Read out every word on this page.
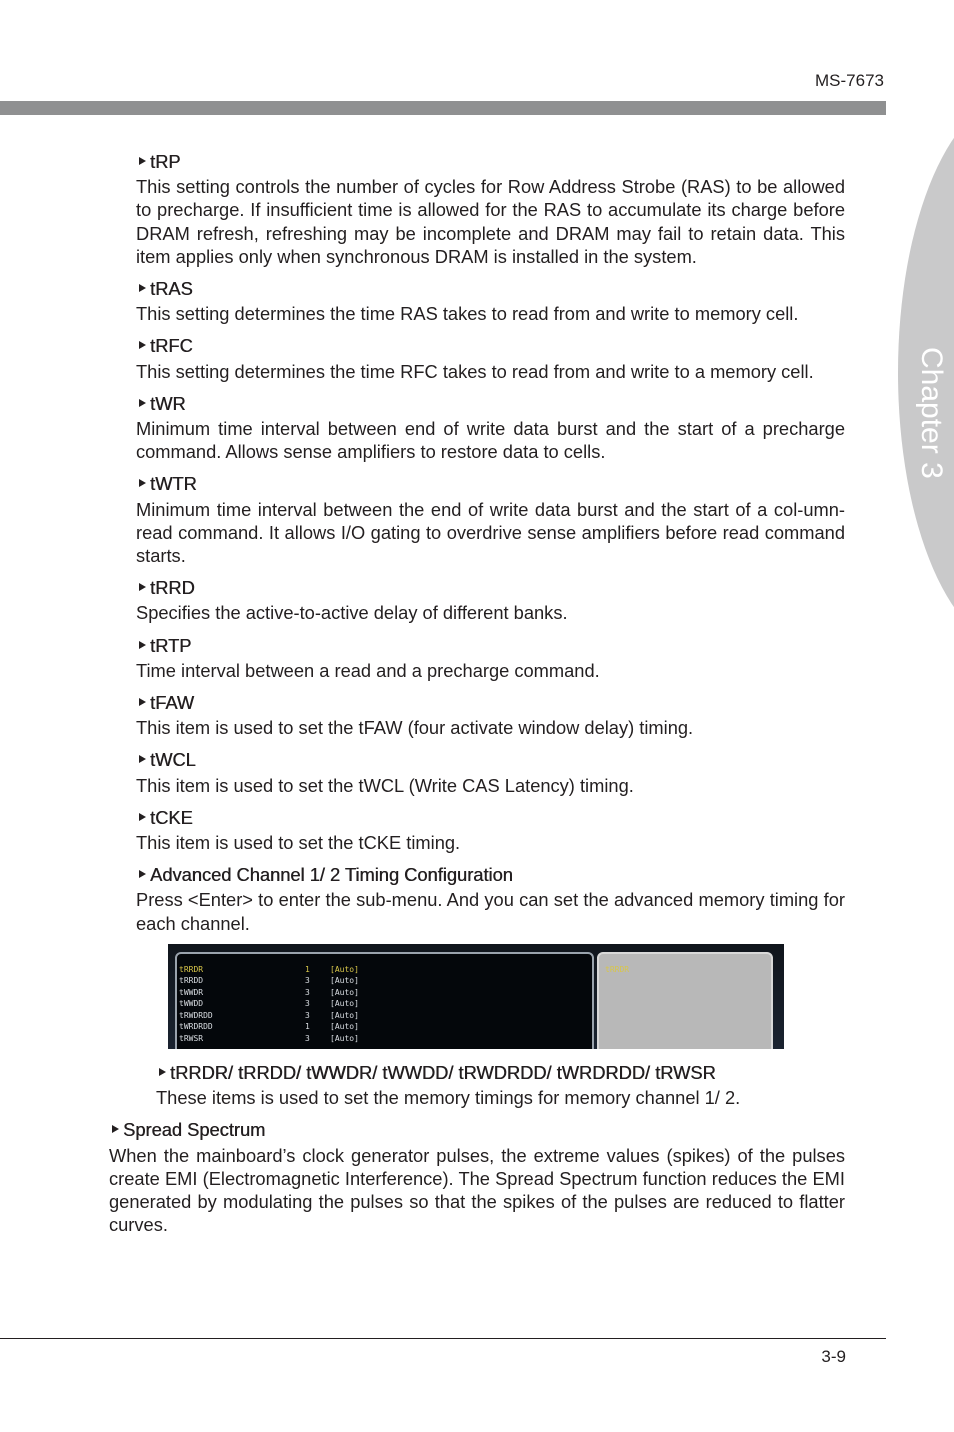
MS-7673
Chapter 3
tRP
This setting controls the number of cycles for Row Address Strobe (RAS) to be allowed to precharge. If insufficient time is allowed for the RAS to accumulate its charge before DRAM refresh, refreshing may be incomplete and DRAM may fail to retain data. This item applies only when synchronous DRAM is installed in the system.
tRAS
This setting determines the time RAS takes to read from and write to memory cell.
tRFC
This setting determines the time RFC takes to read from and write to a memory cell.
tWR
Minimum time interval between end of write data burst and the start of a precharge command. Allows sense amplifiers to restore data to cells.
tWTR
Minimum time interval between the end of write data burst and the start of a col-umn-read command. It allows I/O gating to overdrive sense amplifiers before read command starts.
tRRD
Specifies the active-to-active delay of different banks.
tRTP
Time interval between a read and a precharge command.
tFAW
This item is used to set the tFAW (four activate window delay) timing.
tWCL
This item is used to set the tWCL (Write CAS Latency) timing.
tCKE
This item is used to set the tCKE timing.
Advanced Channel 1/ 2 Timing Configuration
Press <Enter> to enter the sub-menu. And you can set the advanced memory timing for each channel.
tRRDR	1	[Auto]
tRRDD	3	[Auto]
tWWDR	3	[Auto]
tWWDD	3	[Auto]
tRWDRDD	3	[Auto]
tWRDRDD	1	[Auto]
tRWSR	3	[Auto]
tRRDR
tRRDR/ tRRDD/ tWWDR/ tWWDD/ tRWDRDD/ tWRDRDD/ tRWSR
These items is used to set the memory timings for memory channel 1/ 2.
Spread Spectrum
When the mainboard’s clock generator pulses, the extreme values (spikes) of the pulses create EMI (Electromagnetic Interference). The Spread Spectrum function reduces the EMI generated by modulating the pulses so that the spikes of the pulses are reduced to flatter curves.
3-9
